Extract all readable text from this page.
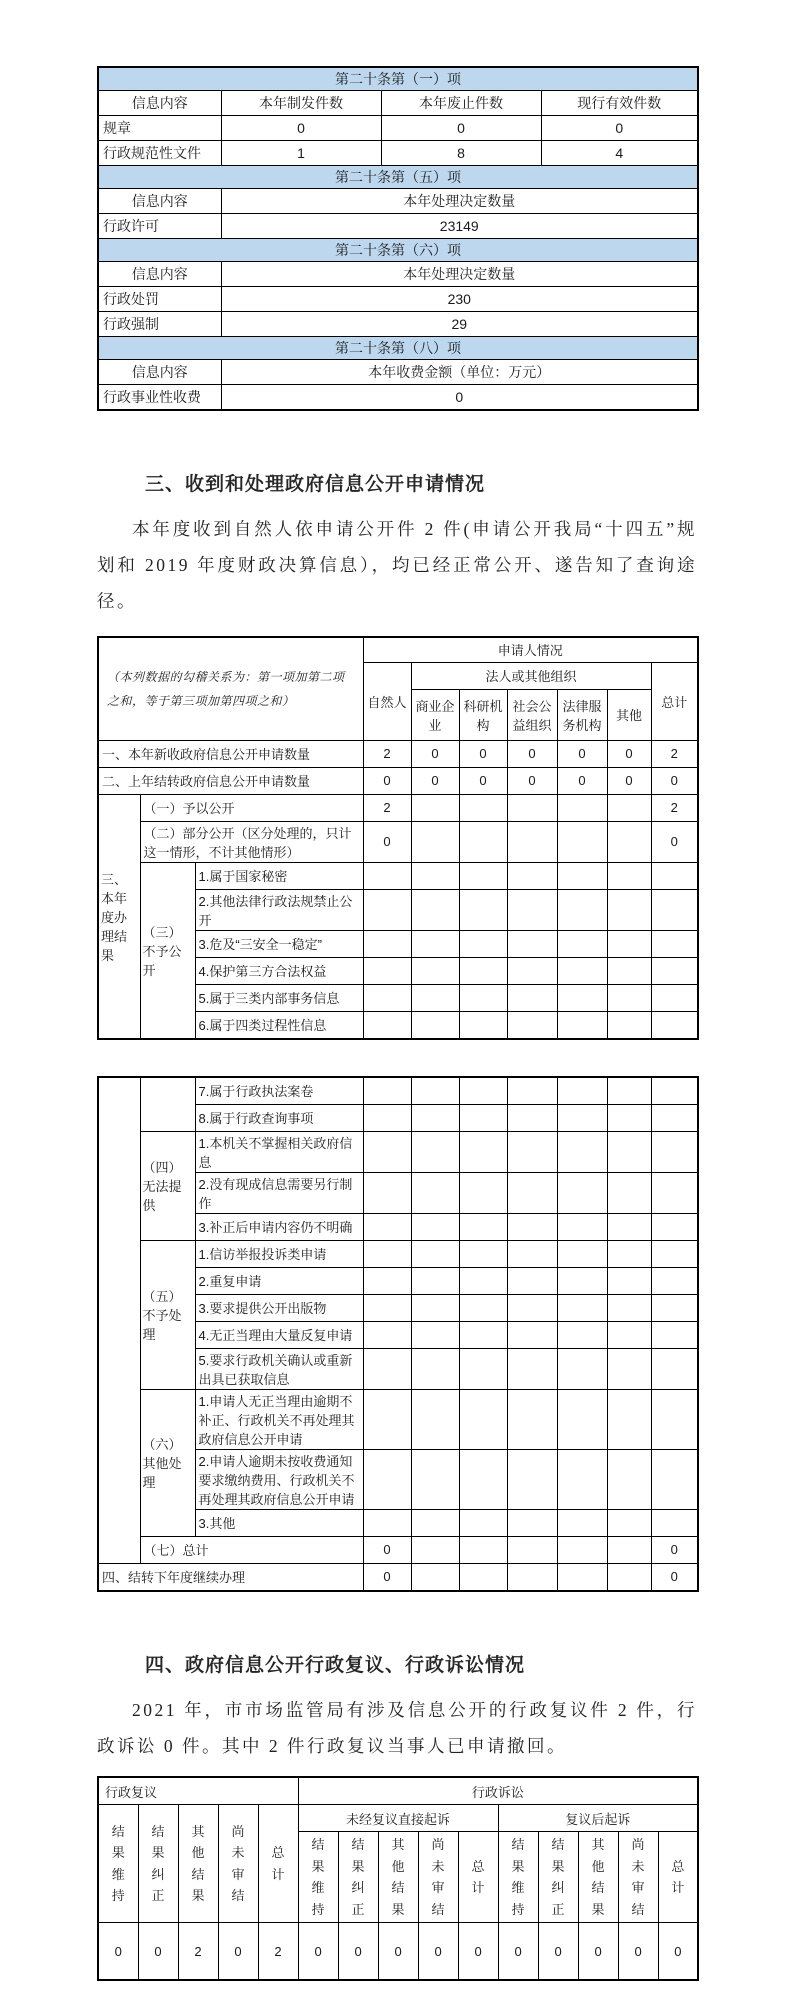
第二十条第（一）项			
信息内容	本年制发件数	本年废止件数	现行有效件数
规章	0	0	0
行政规范性文件	1	8	4
第二十条第（五）项			
信息内容	本年处理决定数量		
行政许可	23149		
第二十条第（六）项			
信息内容	本年处理决定数量		
行政处罚	230		
行政强制	29		
第二十条第（八）项			
信息内容	本年收费金额（单位：万元）		
行政事业性收费	0		
三、收到和处理政府信息公开申请情况

本年度收到自然人依申请公开件 2 件(申请公开我局“十四五”规划和 2019 年度财政决算信息），均已经正常公开、遂告知了查询途径。

（本列数据的勾稽关系为：第一项加第二项之和，等于第三项加第四项之和）			申请人情况						
			自然人	法人或其他组织					总计
				商业企业	科研机构	社会公益组织	法律服务机构	其他	
一、本年新收政府信息公开申请数量			2	0	0	0	0	0	2
二、上年结转政府信息公开申请数量			0	0	0	0	0	0	0
三、本年度办理结果	（一）予以公开		2						2
	（二）部分公开（区分处理的，只计这一情形，不计其他情形）		0						0
	（三）不予公开	1.属于国家秘密							
		2.其他法律行政法规禁止公开							
		3.危及“三安全一稳定”							
		4.保护第三方合法权益							
		5.属于三类内部事务信息							
		6.属于四类过程性信息							
		7.属于行政执法案卷							
		8.属于行政查询事项							
	（四）无法提供	1.本机关不掌握相关政府信息							
		2.没有现成信息需要另行制作							
		3.补正后申请内容仍不明确							
	（五）不予处理	1.信访举报投诉类申请							
		2.重复申请							
		3.要求提供公开出版物							
		4.无正当理由大量反复申请							
		5.要求行政机关确认或重新出具已获取信息							
	（六）其他处理	1.申请人无正当理由逾期不补正、行政机关不再处理其政府信息公开申请							
		2.申请人逾期未按收费通知要求缴纳费用、行政机关不再处理其政府信息公开申请							
		3.其他							
	（七）总计		0						0
四、结转下年度继续办理			0						0
四、政府信息公开行政复议、行政诉讼情况

2021 年，市市场监管局有涉及信息公开的行政复议件 2 件，行政诉讼 0 件。其中 2 件行政复议当事人已申请撤回。

行政复议					行政诉讼									
结果维持	结果纠正	其他结果	尚未审结	总计	未经复议直接起诉					复议后起诉				
					结果维持	结果纠正	其他结果	尚未审结	总计	结果维持	结果纠正	其他结果	尚未审结	总计
0	0	2	0	2	0	0	0	0	0	0	0	0	0	0
